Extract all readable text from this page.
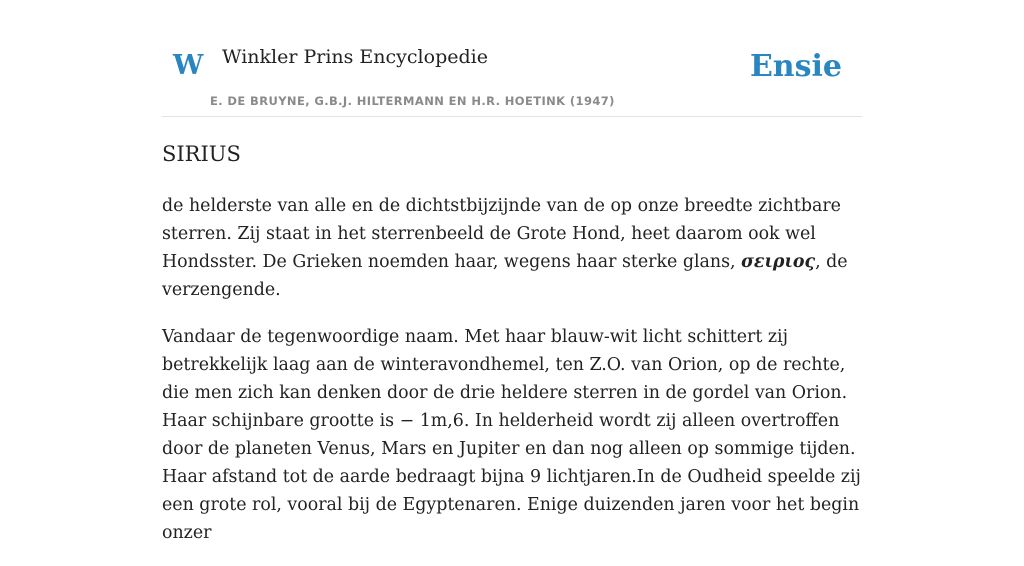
W Winkler Prins Encyclopedie
E. DE BRUYNE, G.B.J. HILTERMANN EN H.R. HOETINK (1947)
Ensie
SIRIUS

de helderste van alle en de dichtstbijzijnde van de op onze breedte zichtbare sterren. Zij staat in het sterrenbeeld de Grote Hond, heet daarom ook wel Hondsster. De Grieken noemden haar, wegens haar sterke glans, σειριος, de verzengende.

Vandaar de tegenwoordige naam. Met haar blauw-wit licht schittert zij betrekkelijk laag aan de winteravondhemel, ten Z.O. van Orion, op de rechte, die men zich kan denken door de drie heldere sterren in de gordel van Orion. Haar schijnbare grootte is − 1m,6. In helderheid wordt zij alleen overtroffen door de planeten Venus, Mars en Jupiter en dan nog alleen op sommige tijden. Haar afstand tot de aarde bedraagt bijna 9 lichtjaren.In de Oudheid speelde zij een grote rol, vooral bij de Egyptenaren. Enige duizenden jaren voor het begin onzer
